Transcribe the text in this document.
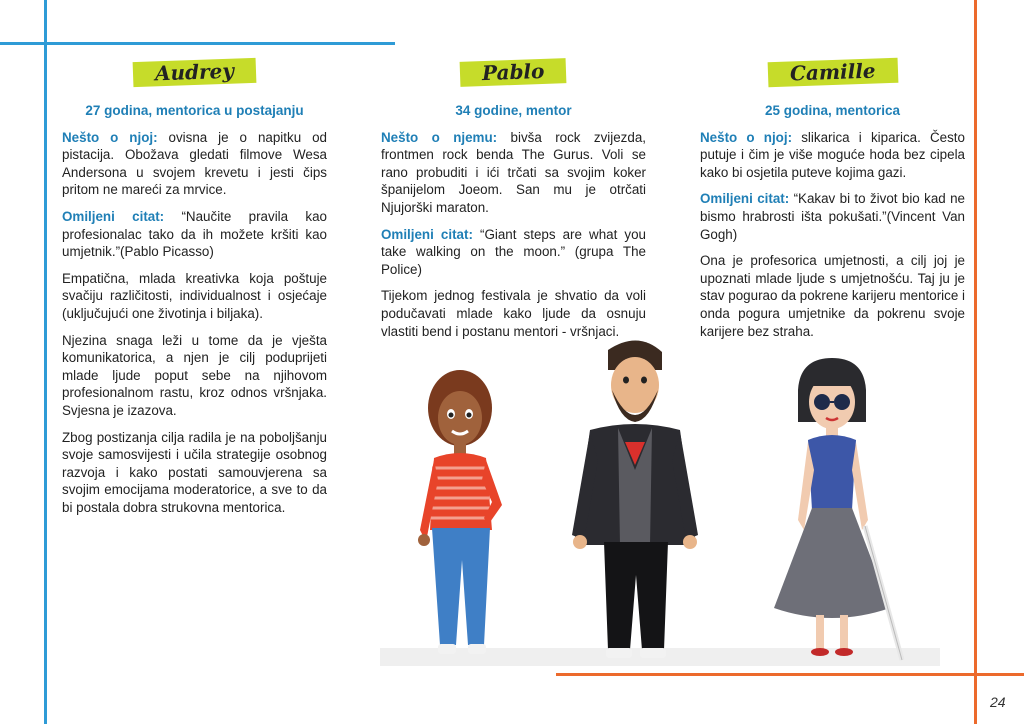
Audrey
27 godina, mentorica u postajanju

Nešto o njoj: ovisna je o napitku od pistacija. Obožava gledati filmove Wesa Andersona u svojem krevetu i jesti čips pritom ne mareći za mrvice.

Omiljeni citat: “Naučite pravila kao profesionalac tako da ih možete kršiti kao umjetnik.”(Pablo Picasso)

Empatična, mlada kreativka koja poštuje svačiju različitosti, individualnost i osjećaje (uključujući one životinja i biljaka).

Njezina snaga leži u tome da je vješta komunikatorica, a njen je cilj poduprijeti mlade ljude poput sebe na njihovom profesionalnom rastu, kroz odnos vršnjaka. Svjesna je izazova.

Zbog postizanja cilja radila je na poboljšanju svoje samosvijesti i učila strategije osobnog razvoja i kako postati samouvjerena sa svojim emocijama moderatorice, a sve to da bi postala dobra strukovna mentorica.

Pablo
34 godine, mentor

Nešto o njemu: bivša rock zvijezda, frontmen rock benda The Gurus. Voli se rano probuditi i ići trčati sa svojim koker španijelom Joeom. San mu je otrčati Njujorški maraton.

Omiljeni citat: “Giant steps are what you take walking on the moon.” (grupa The Police)

Tijekom jednog festivala je shvatio da voli podučavati mlade kako ljude da osnuju vlastiti bend i postanu mentori - vršnjaci.

Camille
25 godina, mentorica

Nešto o njoj: slikarica i kiparica. Često putuje i čim je više moguće hoda bez cipela kako bi osjetila puteve kojima gazi.

Omiljeni citat: “Kakav bi to život bio kad ne bismo hrabrosti išta pokušati.”(Vincent Van Gogh)

Ona je profesorica umjetnosti, a cilj joj je upoznati mlade ljude s umjetnošću. Taj ju je stav pogurao da pokrene karijeru mentorice i onda pogura umjetnike da pokrenu svoje karijere bez straha.

24
